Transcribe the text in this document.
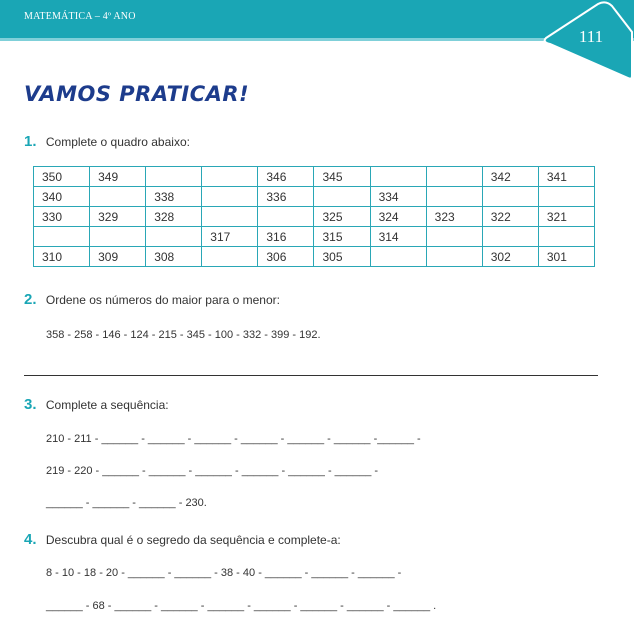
MATEMÁTICA – 4º ANO
111
VAMOS PRATICAR!
1. Complete o quadro abaixo:
350	349			346	345			342	341
340		338		336		334			
330	329	328			325	324	323	322	321
			317	316	315	314			
310	309	308		306	305			302	301
2. Ordene os números do maior para o menor:
358 - 258 - 146 - 124 - 215 - 345 - 100 - 332 - 399 - 192.
3. Complete a sequência:
210 - 211 - ______ - ______ - ______ - ______ - ______ - ______ -______ -
219 - 220 - ______ - ______ - ______ - ______ - ______ - ______ -
______ - ______ - ______ - 230.
4. Descubra qual é o segredo da sequência e complete-a:
8 - 10 - 18 - 20 - ______ - ______ - 38 - 40 - ______ - ______ - ______ -
______ - 68 - ______ - ______ - ______ - ______ - ______ - ______ - ______ .
